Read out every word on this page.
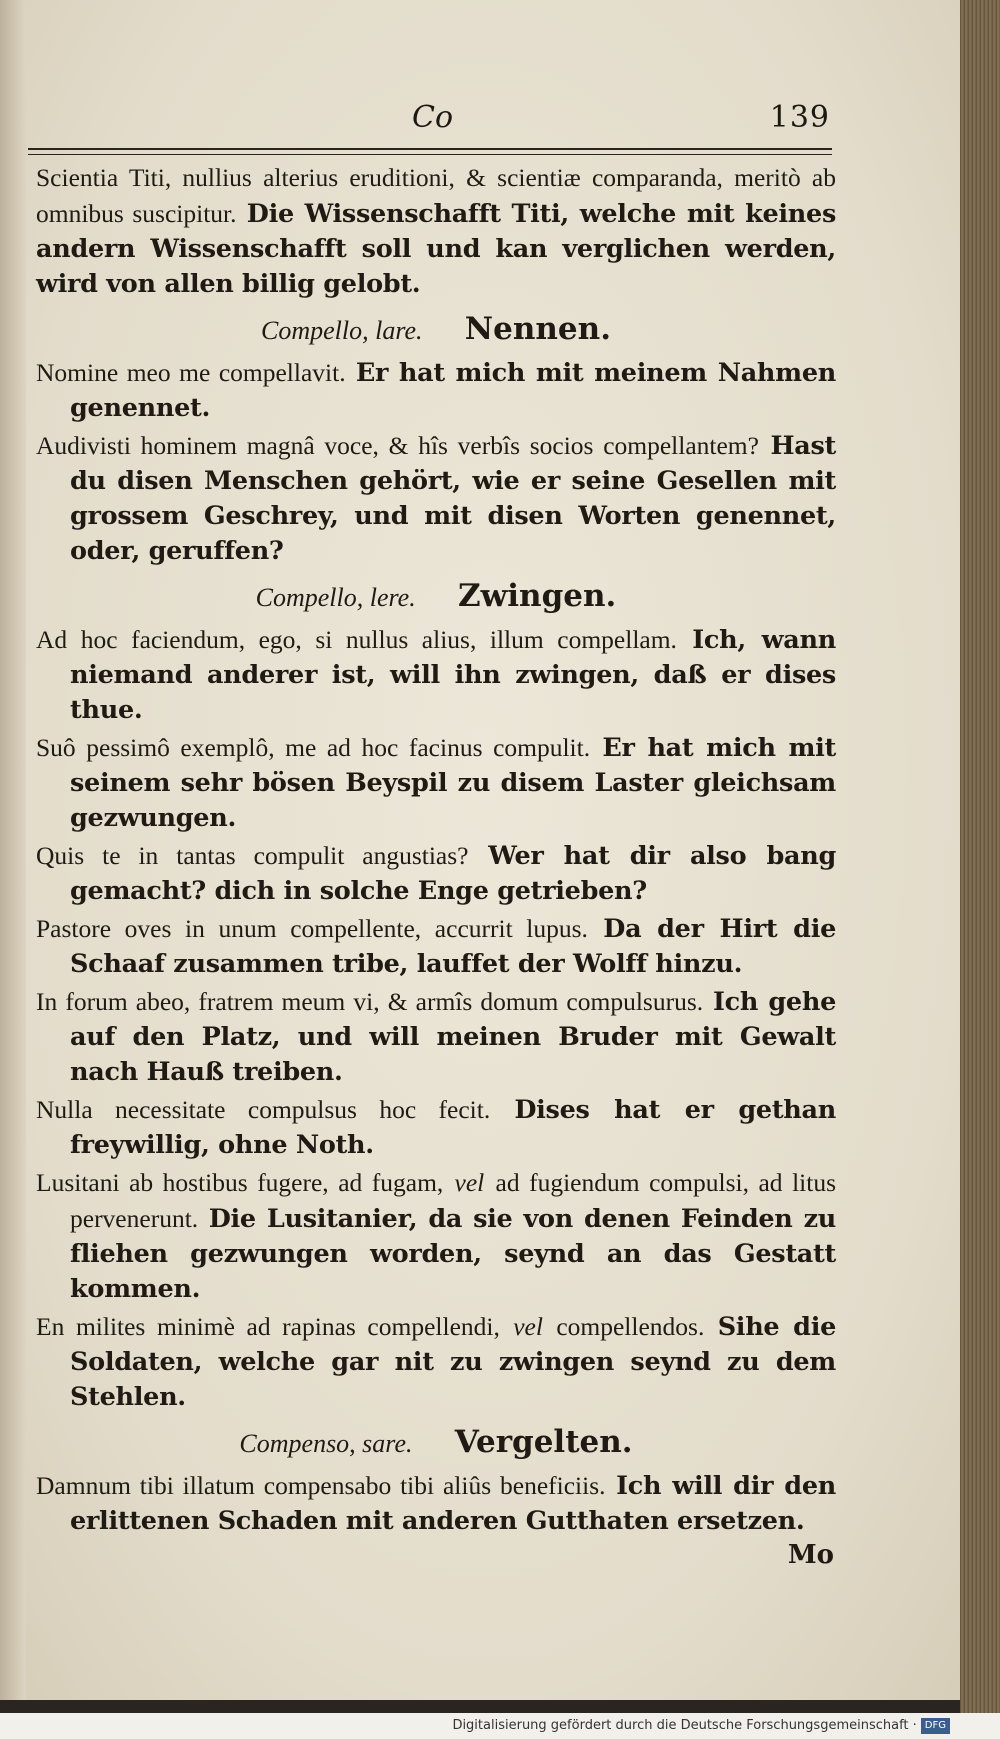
Co	139

Scientia Titi, nullius alterius eruditioni, & scientiæ comparanda, meritò ab omnibus suscipitur. Die Wissenschafft Titi, welche mit keines andern Wissenschafft soll und kan verglichen werden, wird von allen billig gelobt.

Compello, lare. Nennen.

Nomine meo me compellavit. Er hat mich mit meinem Nahmen genennet.

Audivisti hominem magnâ voce, & hîs verbîs socios compellantem? Hast du disen Menschen gehört, wie er seine Gesellen mit grossem Geschrey, und mit disen Worten genennet, oder, geruffen?

Compello, lere. Zwingen.

Ad hoc faciendum, ego, si nullus alius, illum compellam. Ich, wann niemand anderer ist, will ihn zwingen, daß er dises thue.

Suô pessimô exemplô, me ad hoc facinus compulit. Er hat mich mit seinem sehr bösen Beyspil zu disem Laster gleichsam gezwungen.

Quis te in tantas compulit angustias? Wer hat dir also bang gemacht? dich in solche Enge getrieben?

Pastore oves in unum compellente, accurrit lupus. Da der Hirt die Schaaf zusammen tribe, lauffet der Wolff hinzu.

In forum abeo, fratrem meum vi, & armîs domum compulsurus. Ich gehe auf den Platz, und will meinen Bruder mit Gewalt nach Hauß treiben.

Nulla necessitate compulsus hoc fecit. Dises hat er gethan freywillig, ohne Noth.

Lusitani ab hostibus fugere, ad fugam, vel ad fugiendum compulsi, ad litus pervenerunt. Die Lusitanier, da sie von denen Feinden zu fliehen gezwungen worden, seynd an das Gestatt kommen.

En milites minimè ad rapinas compellendi, vel compellendos. Sihe die Soldaten, welche gar nit zu zwingen seynd zu dem Stehlen.

Compenso, sare. Vergelten.

Damnum tibi illatum compensabo tibi aliûs beneficiis. Ich will dir den erlittenen Schaden mit anderen Gutthaten ersetzen.

Mo
Digitalisierung gefördert durch die Deutsche Forschungsgemeinschaft · DFG
